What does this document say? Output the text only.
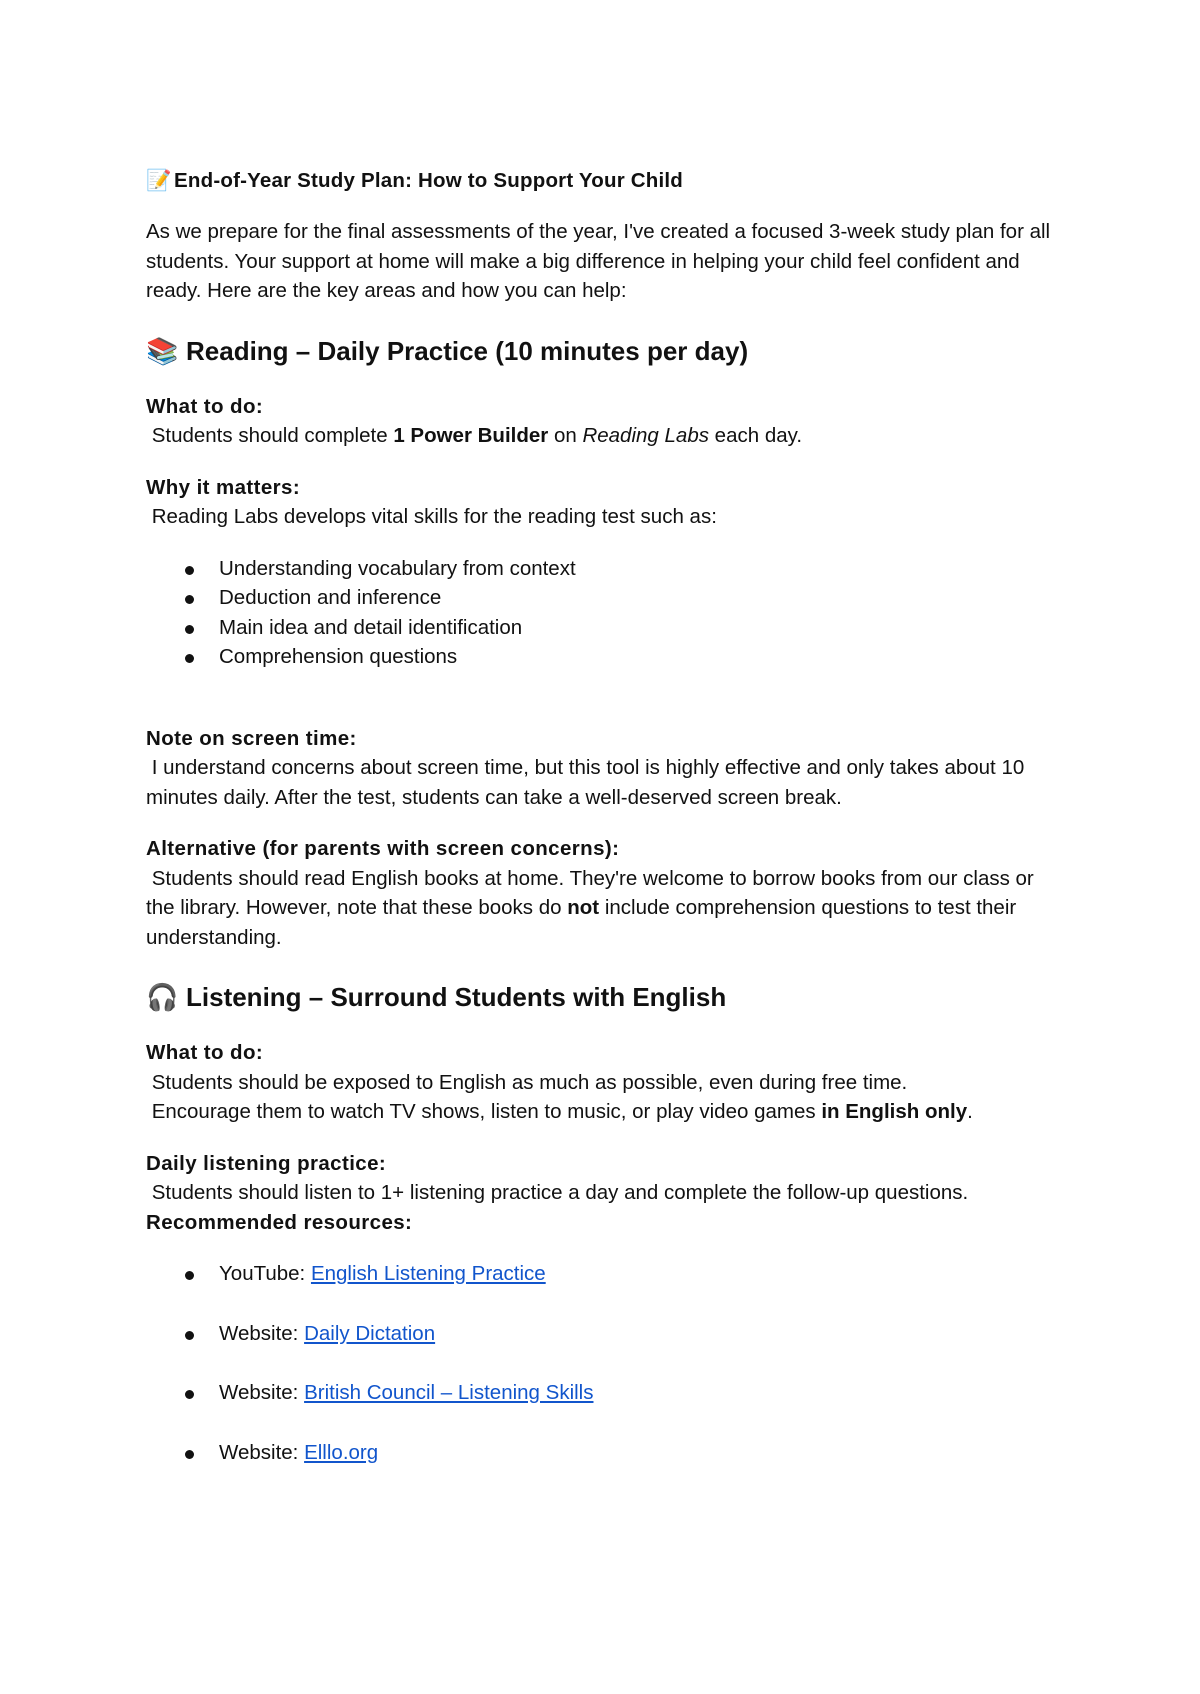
📝 End-of-Year Study Plan: How to Support Your Child

As we prepare for the final assessments of the year, I've created a focused 3-week study plan for all students. Your support at home will make a big difference in helping your child feel confident and ready. Here are the key areas and how you can help:

📚 Reading – Daily Practice (10 minutes per day)
What to do:

Students should complete 1 Power Builder on Reading Labs each day.

Why it matters:

Reading Labs develops vital skills for the reading test such as:

Understanding vocabulary from context
Deduction and inference
Main idea and detail identification
Comprehension questions
Note on screen time:

I understand concerns about screen time, but this tool is highly effective and only takes about 10 minutes daily. After the test, students can take a well-deserved screen break.

Alternative (for parents with screen concerns):

Students should read English books at home. They're welcome to borrow books from our class or the library. However, note that these books do not include comprehension questions to test their understanding.

🎧 Listening – Surround Students with English
What to do:

Students should be exposed to English as much as possible, even during free time.

Encourage them to watch TV shows, listen to music, or play video games in English only.

Daily listening practice:

Students should listen to 1+ listening practice a day and complete the follow-up questions.

Recommended resources:
YouTube: English Listening Practice
Website: Daily Dictation
Website: British Council – Listening Skills
Website: Elllo.org
